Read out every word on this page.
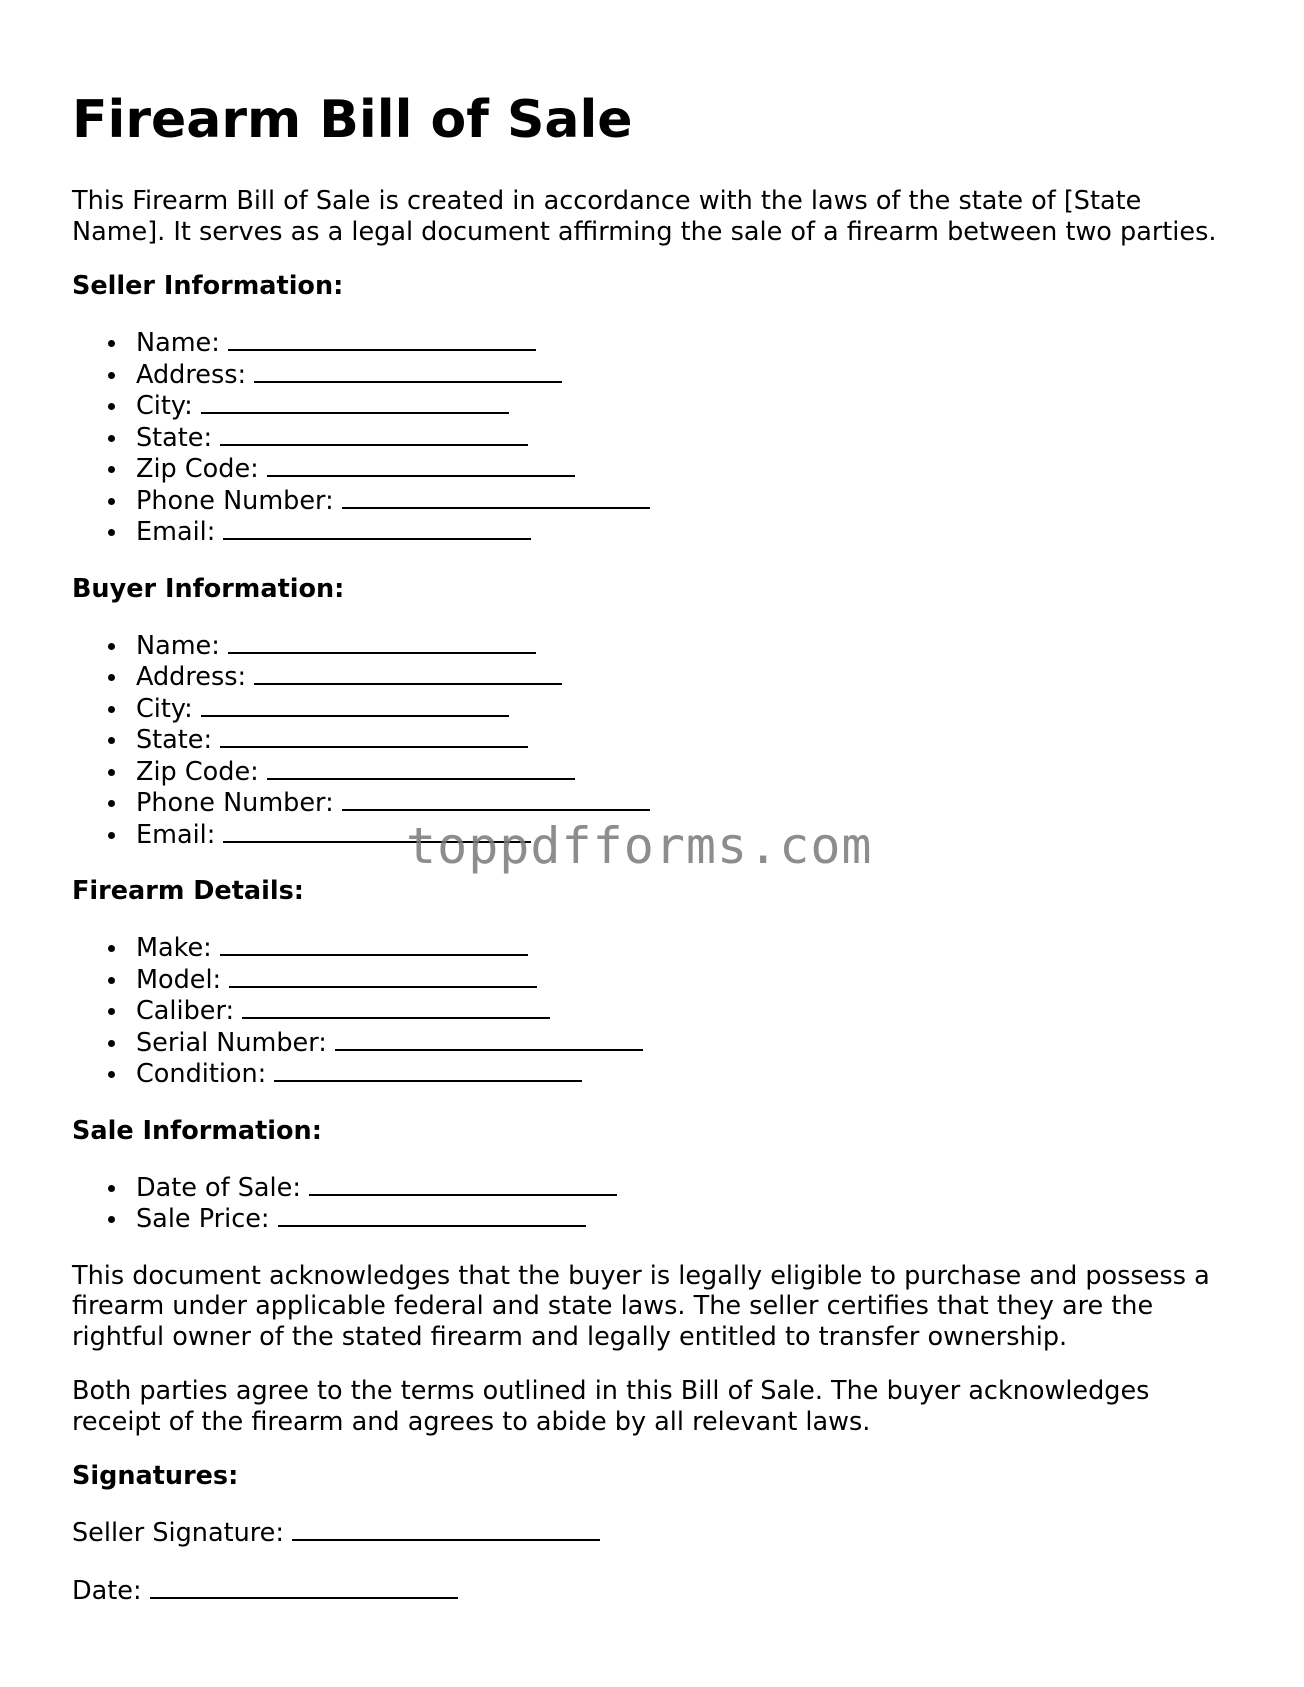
Firearm Bill of Sale

This Firearm Bill of Sale is created in accordance with the laws of the state of [State Name]. It serves as a legal document affirming the sale of a firearm between two parties.

Seller Information:
Name:
Address:
City:
State:
Zip Code:
Phone Number:
Email:
Buyer Information:
Name:
Address:
City:
State:
Zip Code:
Phone Number:
Email:
Firearm Details:
Make:
Model:
Caliber:
Serial Number:
Condition:
Sale Information:
Date of Sale:
Sale Price:

This document acknowledges that the buyer is legally eligible to purchase and possess a firearm under applicable federal and state laws. The seller certifies that they are the rightful owner of the stated firearm and legally entitled to transfer ownership.

Both parties agree to the terms outlined in this Bill of Sale. The buyer acknowledges receipt of the firearm and agrees to abide by all relevant laws.

Signatures:
Seller Signature:
Date:
toppdfforms.com
